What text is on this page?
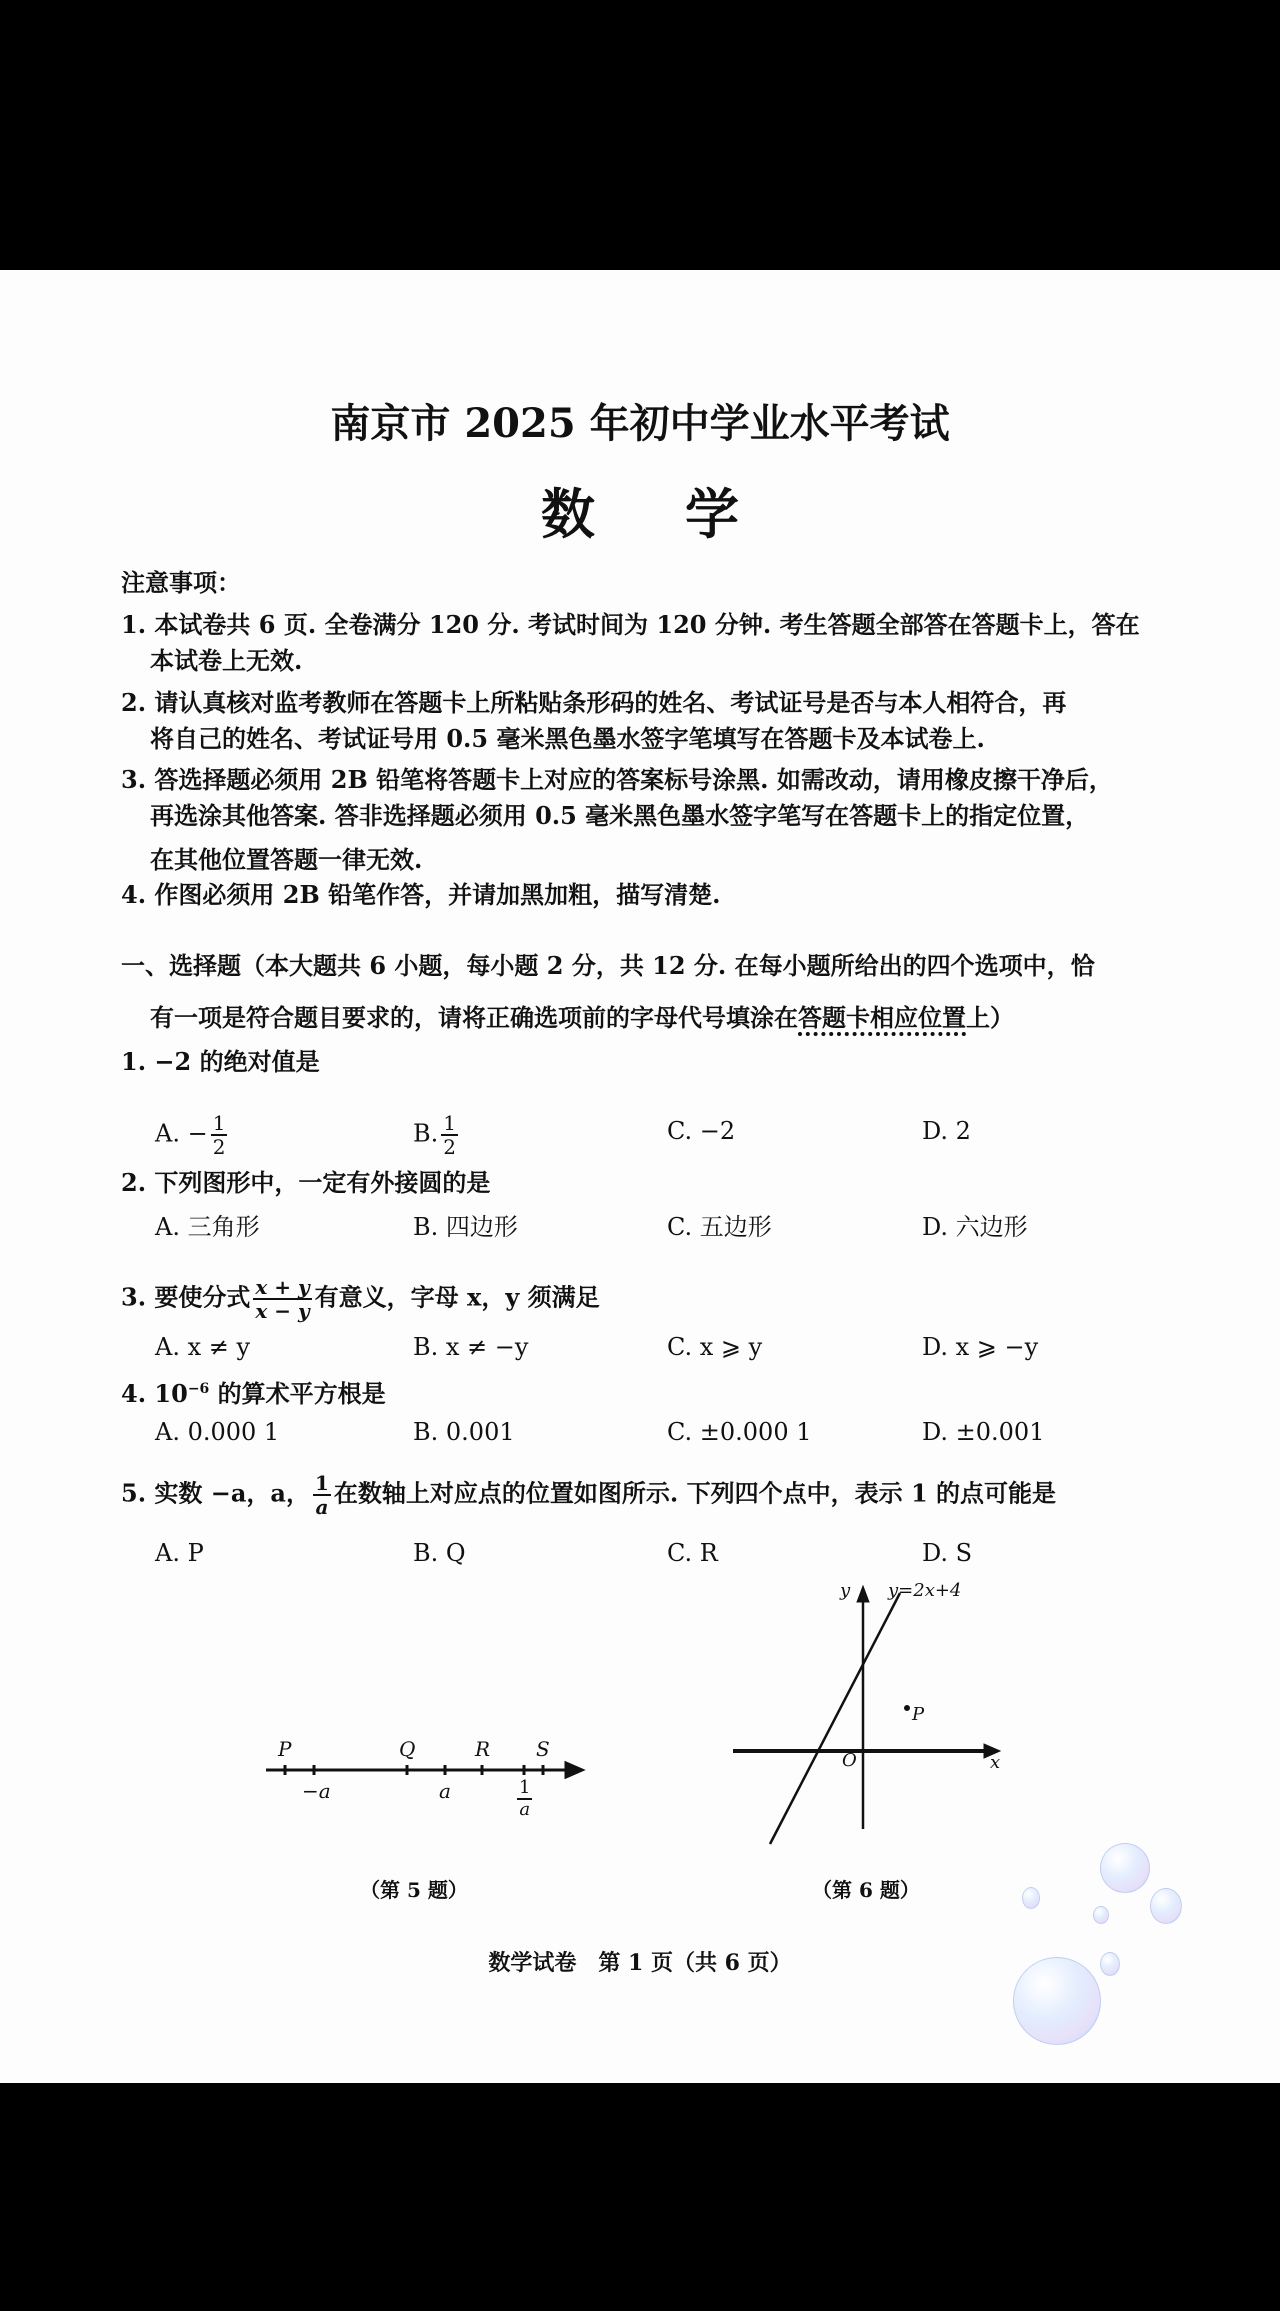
南京市 2025 年初中学业水平考试
数学
注意事项：
1. 本试卷共 6 页. 全卷满分 120 分. 考试时间为 120 分钟. 考生答题全部答在答题卡上，答在
本试卷上无效.
2. 请认真核对监考教师在答题卡上所粘贴条形码的姓名、考试证号是否与本人相符合，再
将自己的姓名、考试证号用 0.5 毫米黑色墨水签字笔填写在答题卡及本试卷上.
3. 答选择题必须用 2B 铅笔将答题卡上对应的答案标号涂黑. 如需改动，请用橡皮擦干净后，
再选涂其他答案. 答非选择题必须用 0.5 毫米黑色墨水签字笔写在答题卡上的指定位置，
在其他位置答题一律无效.
4. 作图必须用 2B 铅笔作答，并请加黑加粗，描写清楚.
一、选择题（本大题共 6 小题，每小题 2 分，共 12 分. 在每小题所给出的四个选项中，恰
有一项是符合题目要求的，请将正确选项前的字母代号填涂在答题卡相应位置上）
1. −2 的绝对值是
A. − $\frac{1}{2}$	B. $\frac{1}{2}$	C. −2	D. 2
2. 下列图形中，一定有外接圆的是
A. 三角形	B. 四边形	C. 五边形	D. 六边形
3. 要使分式 $\frac{x + y}{x - y}$ 有意义，字母 x，y 须满足
A. x ≠ y	B. x ≠ −y	C. x ⩾ y	D. x ⩾ −y
4. $10^{-6}$ 的算术平方根是
A. 0.000 1	B. 0.001	C. ±0.000 1	D. ±0.001
5. 实数 −a，a， $\frac{1}{a}$ 在数轴上对应点的位置如图所示. 下列四个点中，表示 1 的点可能是
A. P	B. Q	C. R	D. S
P	Q	R S
−a	a	$\frac{1}{a}$
y=2x+4
y
x
O
P
（第 5 题）	（第 6 题）
数学试卷　第 1 页（共 6 页）
